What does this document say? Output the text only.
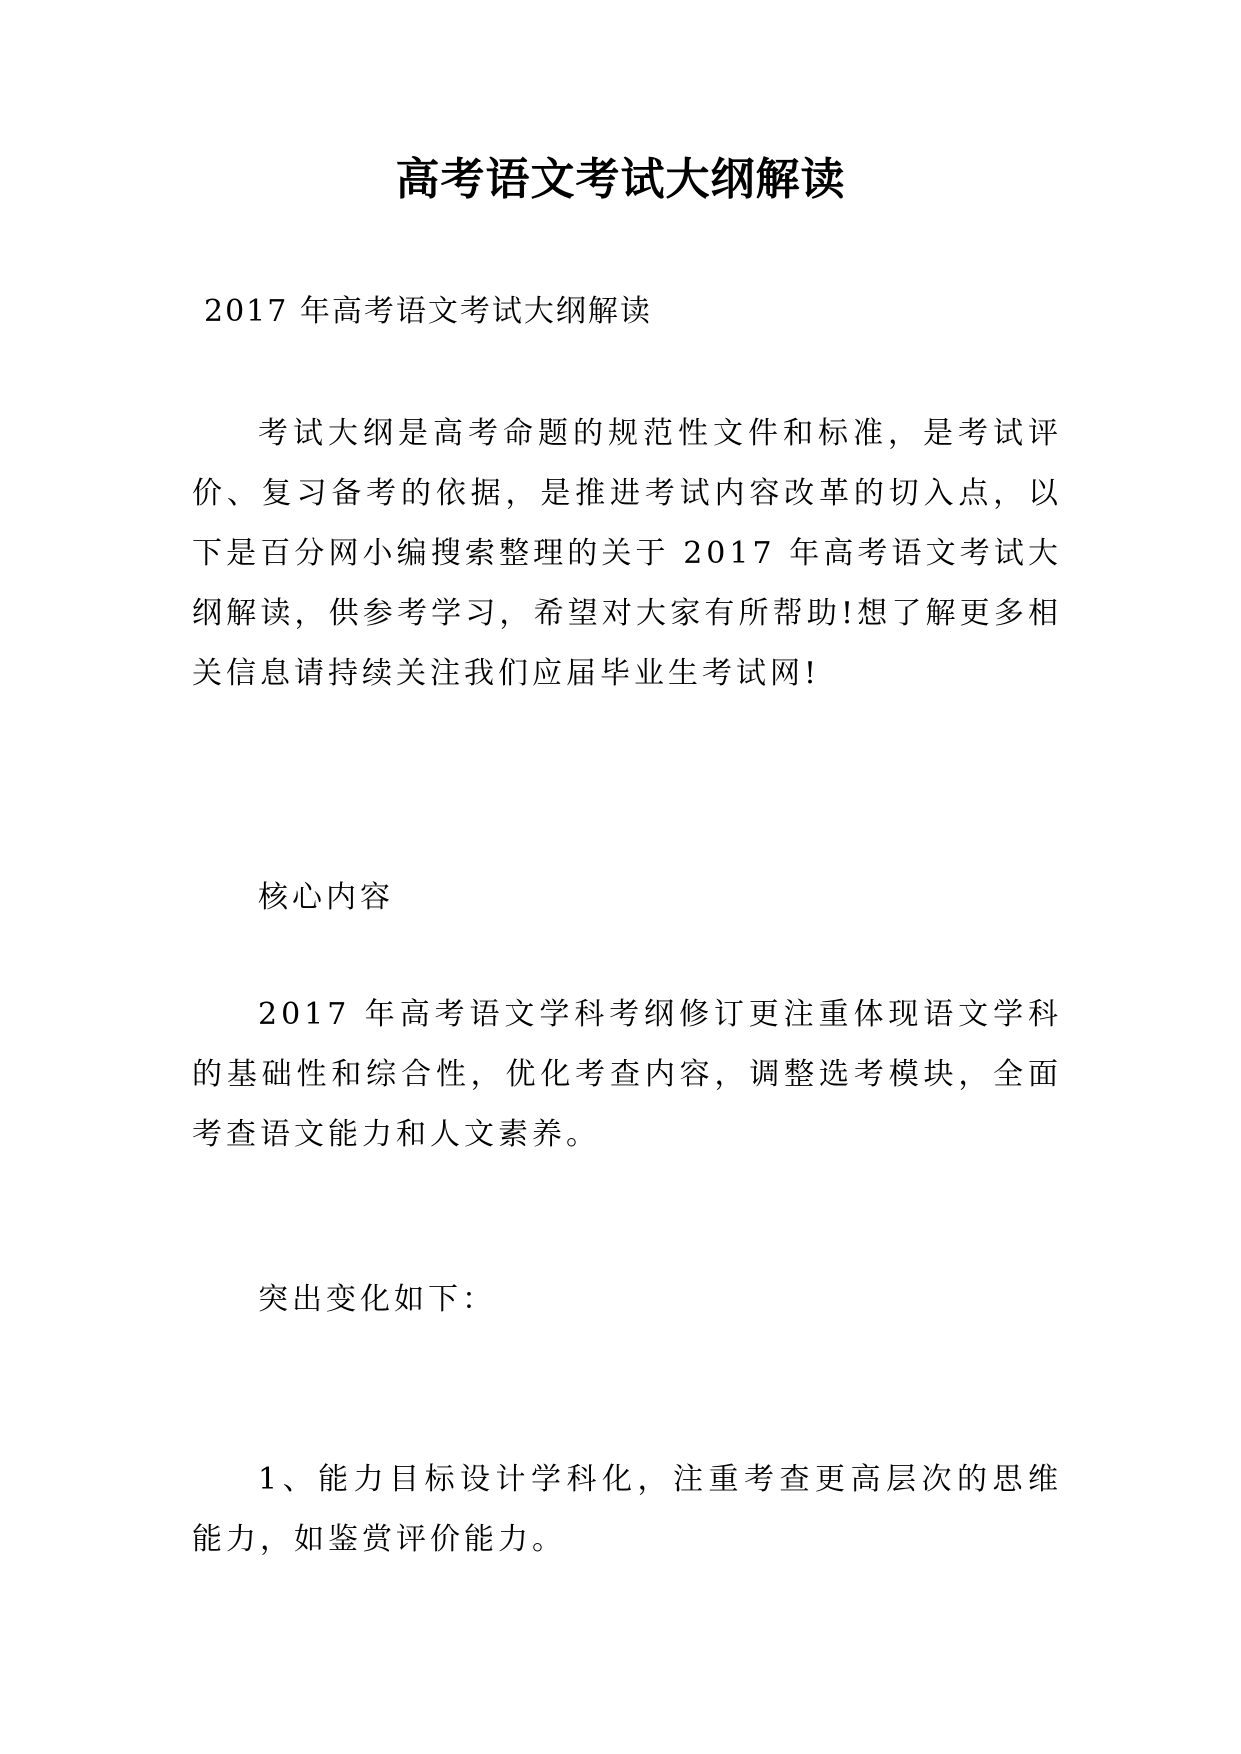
高考语文考试大纲解读

2017 年高考语文考试大纲解读

考试大纲是高考命题的规范性文件和标准，是考试评价、复习备考的依据，是推进考试内容改革的切入点，以下是百分网小编搜索整理的关于 2017 年高考语文考试大纲解读，供参考学习，希望对大家有所帮助!想了解更多相关信息请持续关注我们应届毕业生考试网!

核心内容

2017 年高考语文学科考纲修订更注重体现语文学科的基础性和综合性，优化考查内容，调整选考模块，全面考查语文能力和人文素养。

突出变化如下：

1、能力目标设计学科化，注重考查更高层次的思维能力，如鉴赏评价能力。
